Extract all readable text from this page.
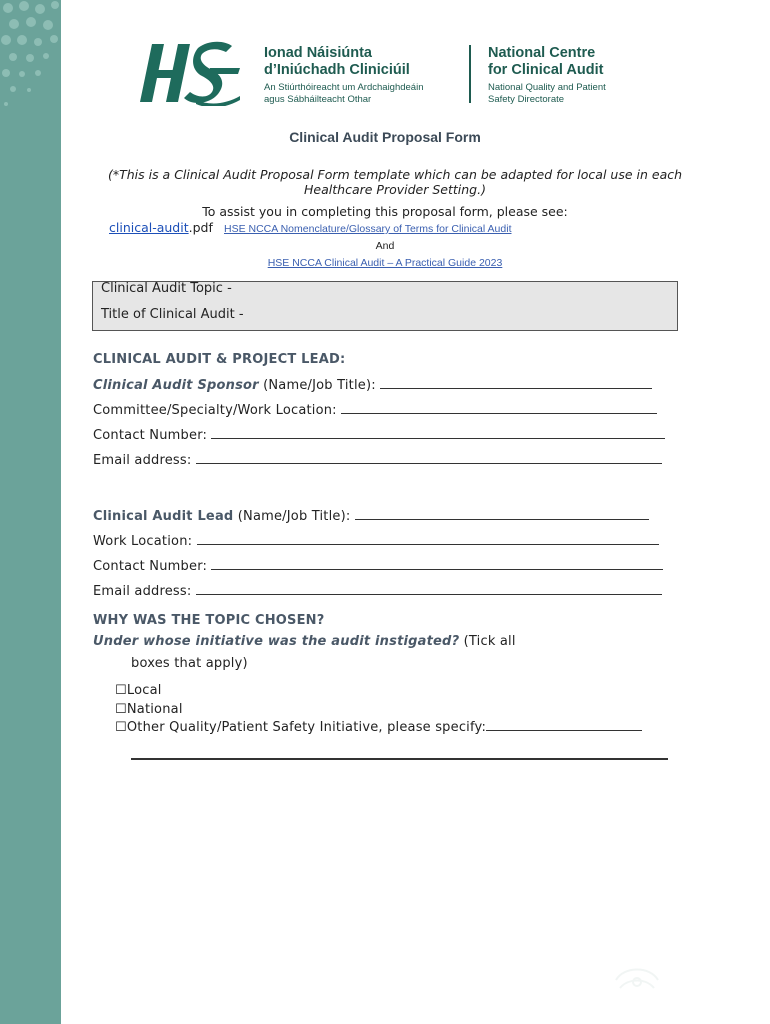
Ionad Náisiúnta
d’Iniúchadh Cliniciúil
An Stiúrthóireacht um Ardchaighdeáin
agus Sábháilteacht Othar
National Centre
for Clinical Audit
National Quality and Patient
Safety Directorate
Clinical Audit Proposal Form
(*This is a Clinical Audit Proposal Form template which can be adapted for local use in each Healthcare Provider Setting.)
To assist you in completing this proposal form, please see:
clinical-audit.pdf HSE NCCA Nomenclature/Glossary of Terms for Clinical Audit
And
HSE NCCA Clinical Audit – A Practical Guide 2023
Clinical Audit Topic -
Title of Clinical Audit -
CLINICAL AUDIT & PROJECT LEAD:
Clinical Audit Sponsor (Name/Job Title):
Committee/Specialty/Work Location:
Contact Number:
Email address:
Clinical Audit Lead (Name/Job Title):
Work Location:
Contact Number:
Email address:
WHY WAS THE TOPIC CHOSEN?
Under whose initiative was the audit instigated? (Tick all
boxes that apply)
☐Local
☐National
☐Other Quality/Patient Safety Initiative, please specify:
